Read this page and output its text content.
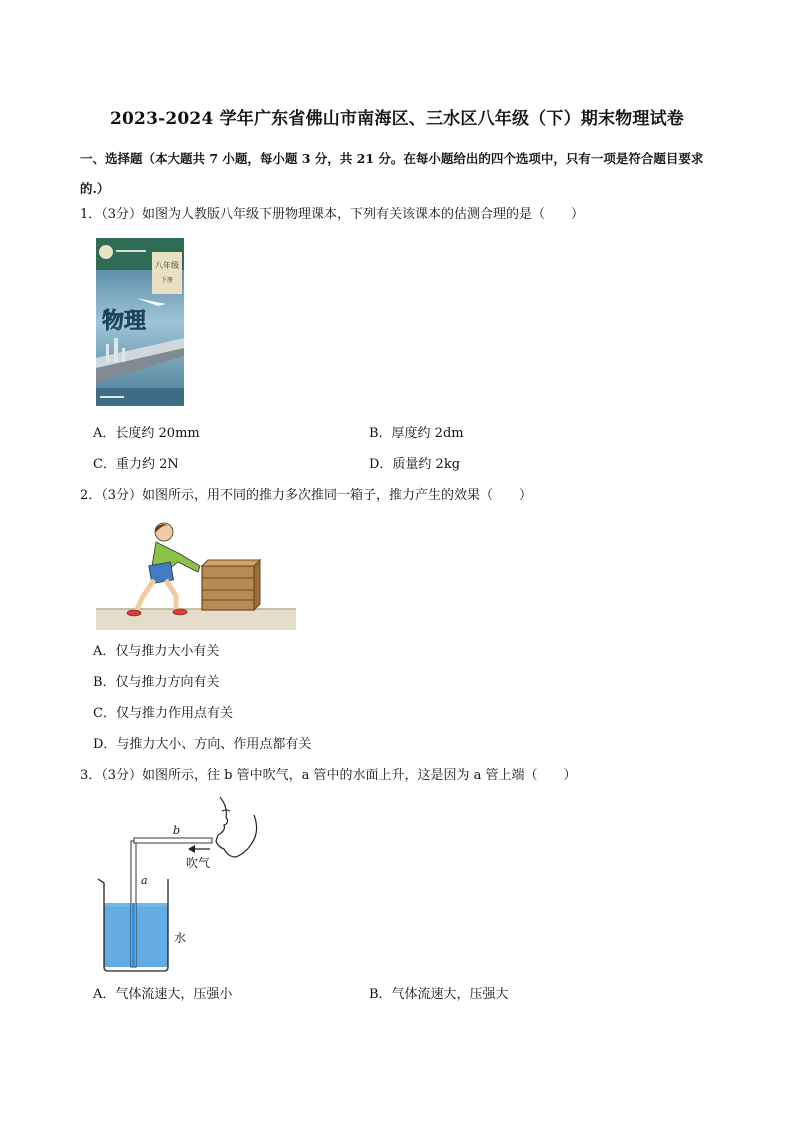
2023-2024 学年广东省佛山市南海区、三水区八年级（下）期末物理试卷
一、选择题（本大题共 7 小题，每小题 3 分，共 21 分。在每小题给出的四个选项中，只有一项是符合题目要求的.）
1．（3分）如图为人教版八年级下册物理课本，下列有关该课本的估测合理的是（　　）
八年级
下册
物理
A．长度约 20mm	B．厚度约 2dm
C．重力约 2N	D．质量约 2kg
2．（3分）如图所示，用不同的推力多次推同一箱子，推力产生的效果（　　）
A．仅与推力大小有关
B．仅与推力方向有关
C．仅与推力作用点有关
D．与推力大小、方向、作用点都有关
3．（3分）如图所示，往 b 管中吹气，a 管中的水面上升，这是因为 a 管上端（　　）
b
a
吹气
水
A．气体流速大，压强小	B．气体流速大，压强大
